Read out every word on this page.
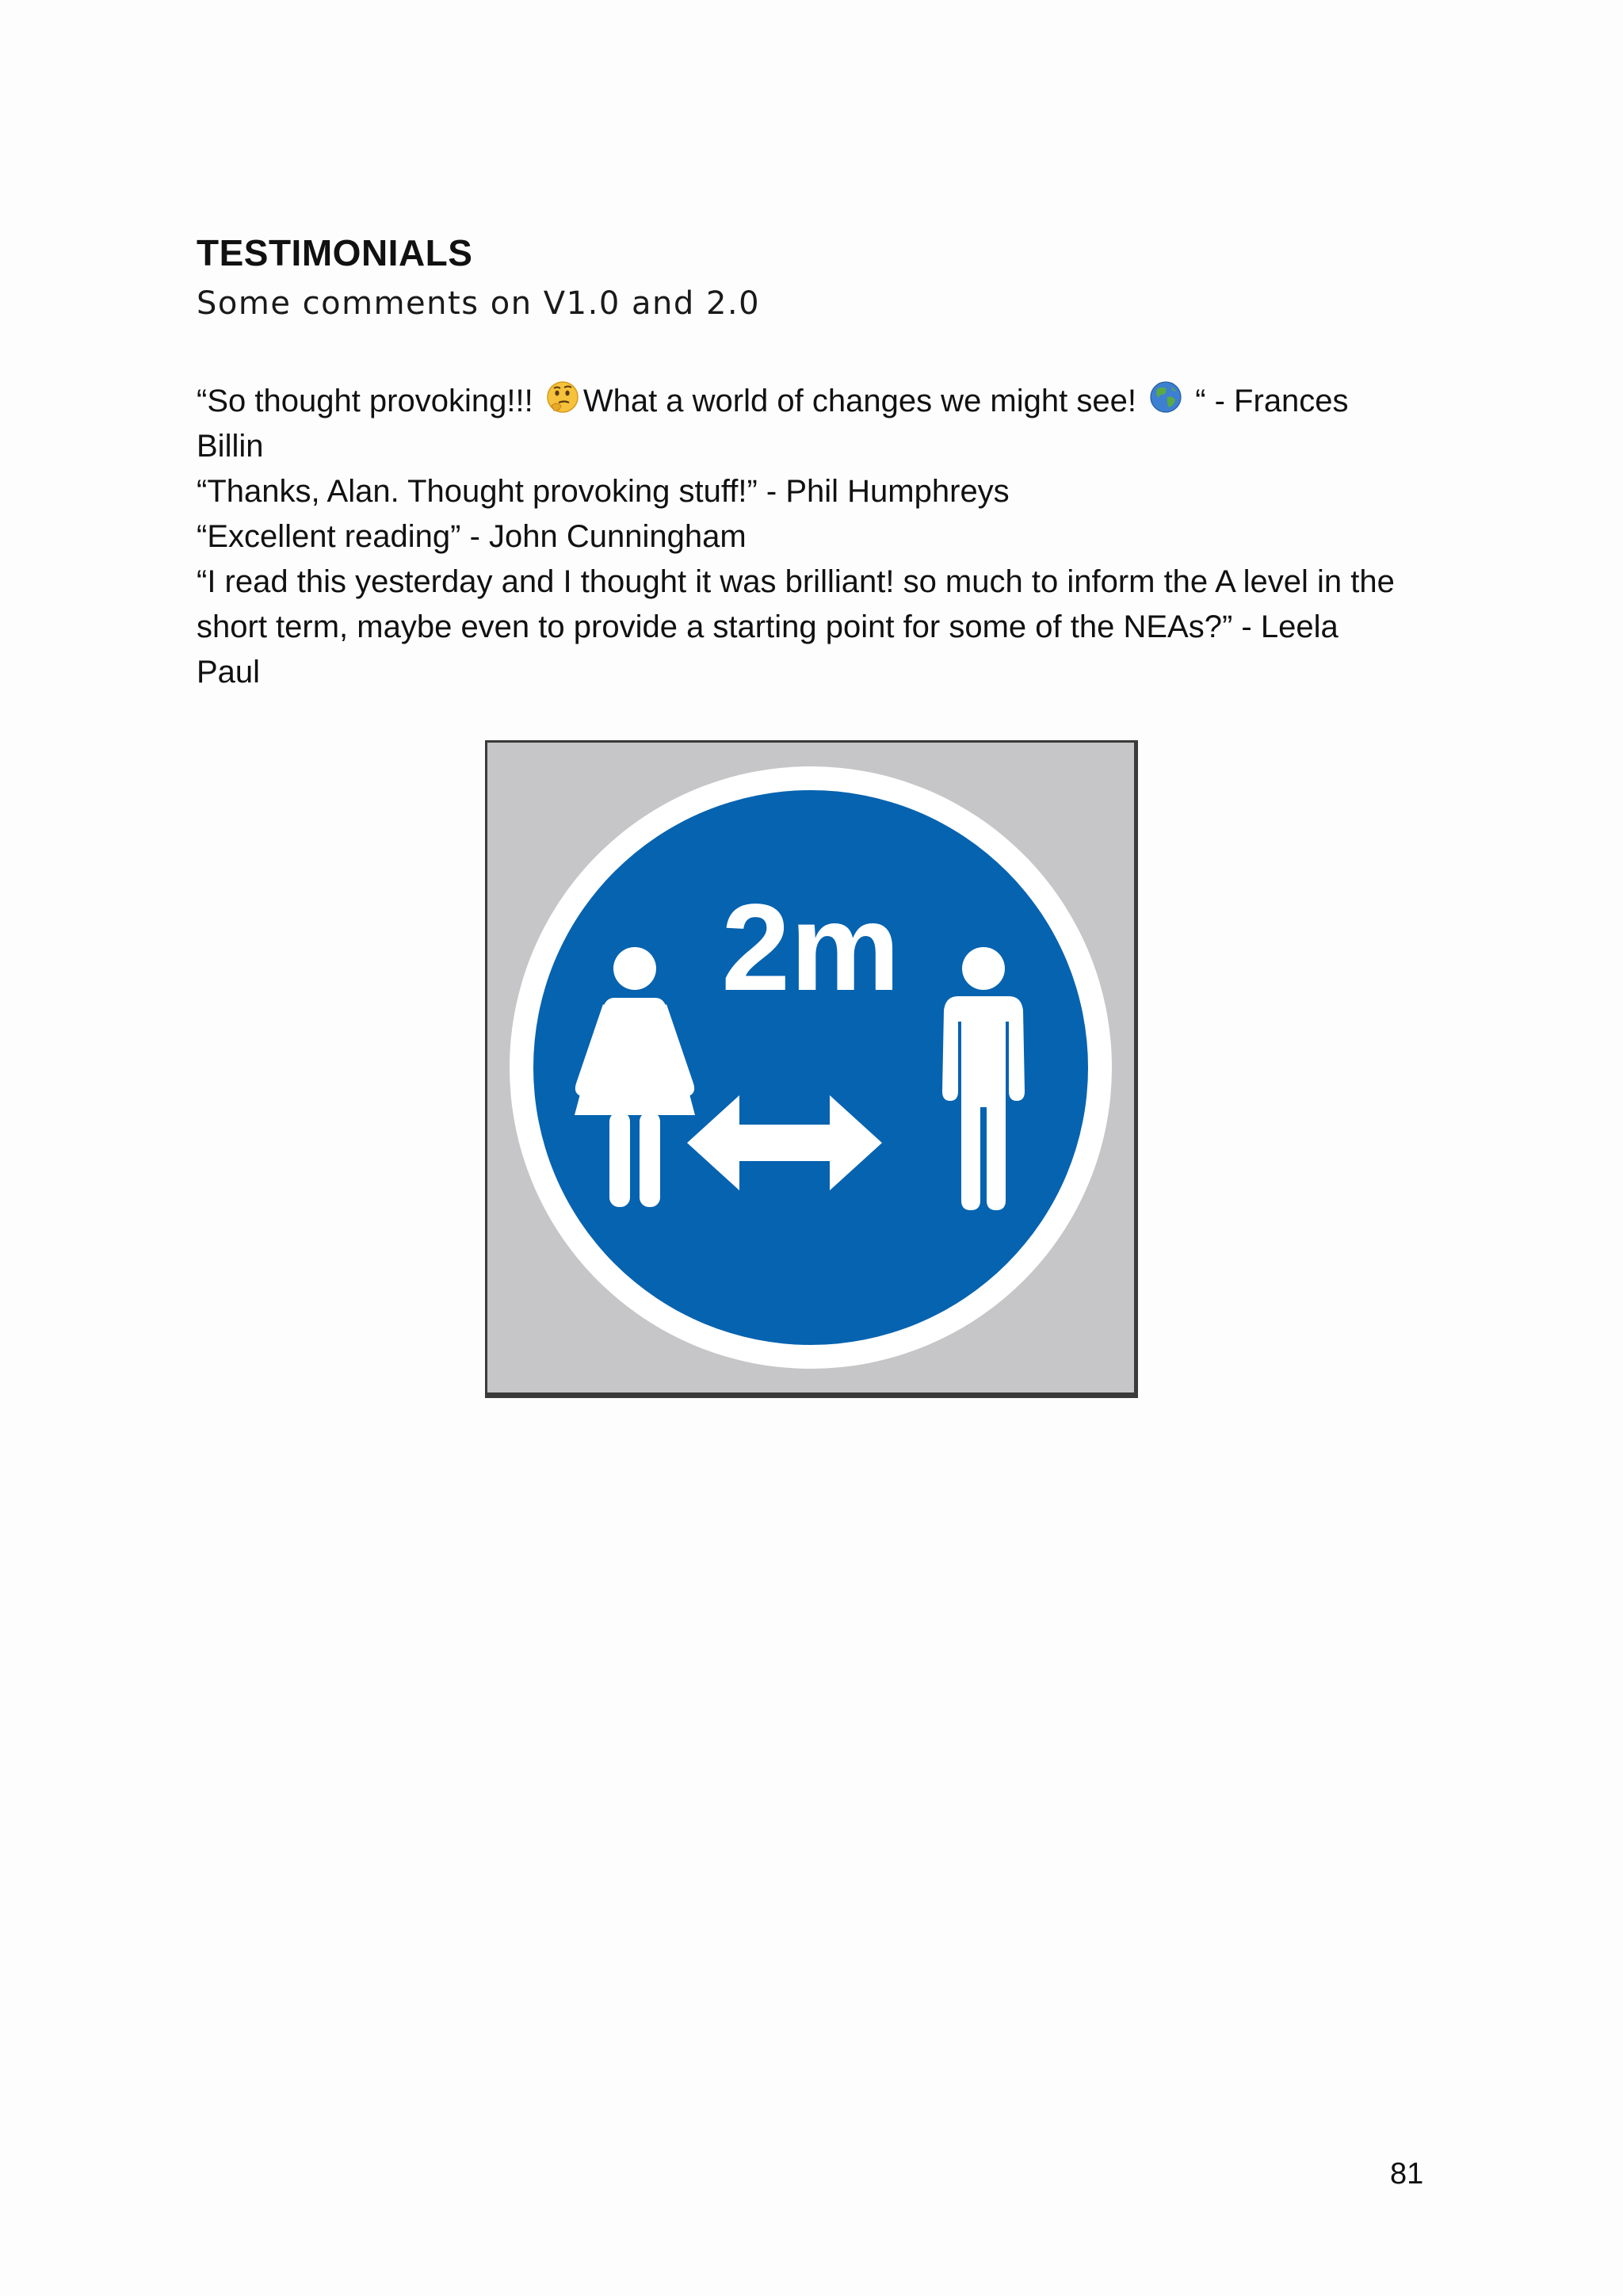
TESTIMONIALS

Some comments on V1.0 and 2.0

“So thought provoking!!! What a world of changes we might see!  “ - Frances Billin

“Thanks, Alan. Thought provoking stuff!” - Phil Humphreys

“Excellent reading” - John Cunningham

“I read this yesterday and I thought it was brilliant! so much to inform the A level in the short term, maybe even to provide a starting point for some of the NEAs?” - Leela Paul

2m
81
